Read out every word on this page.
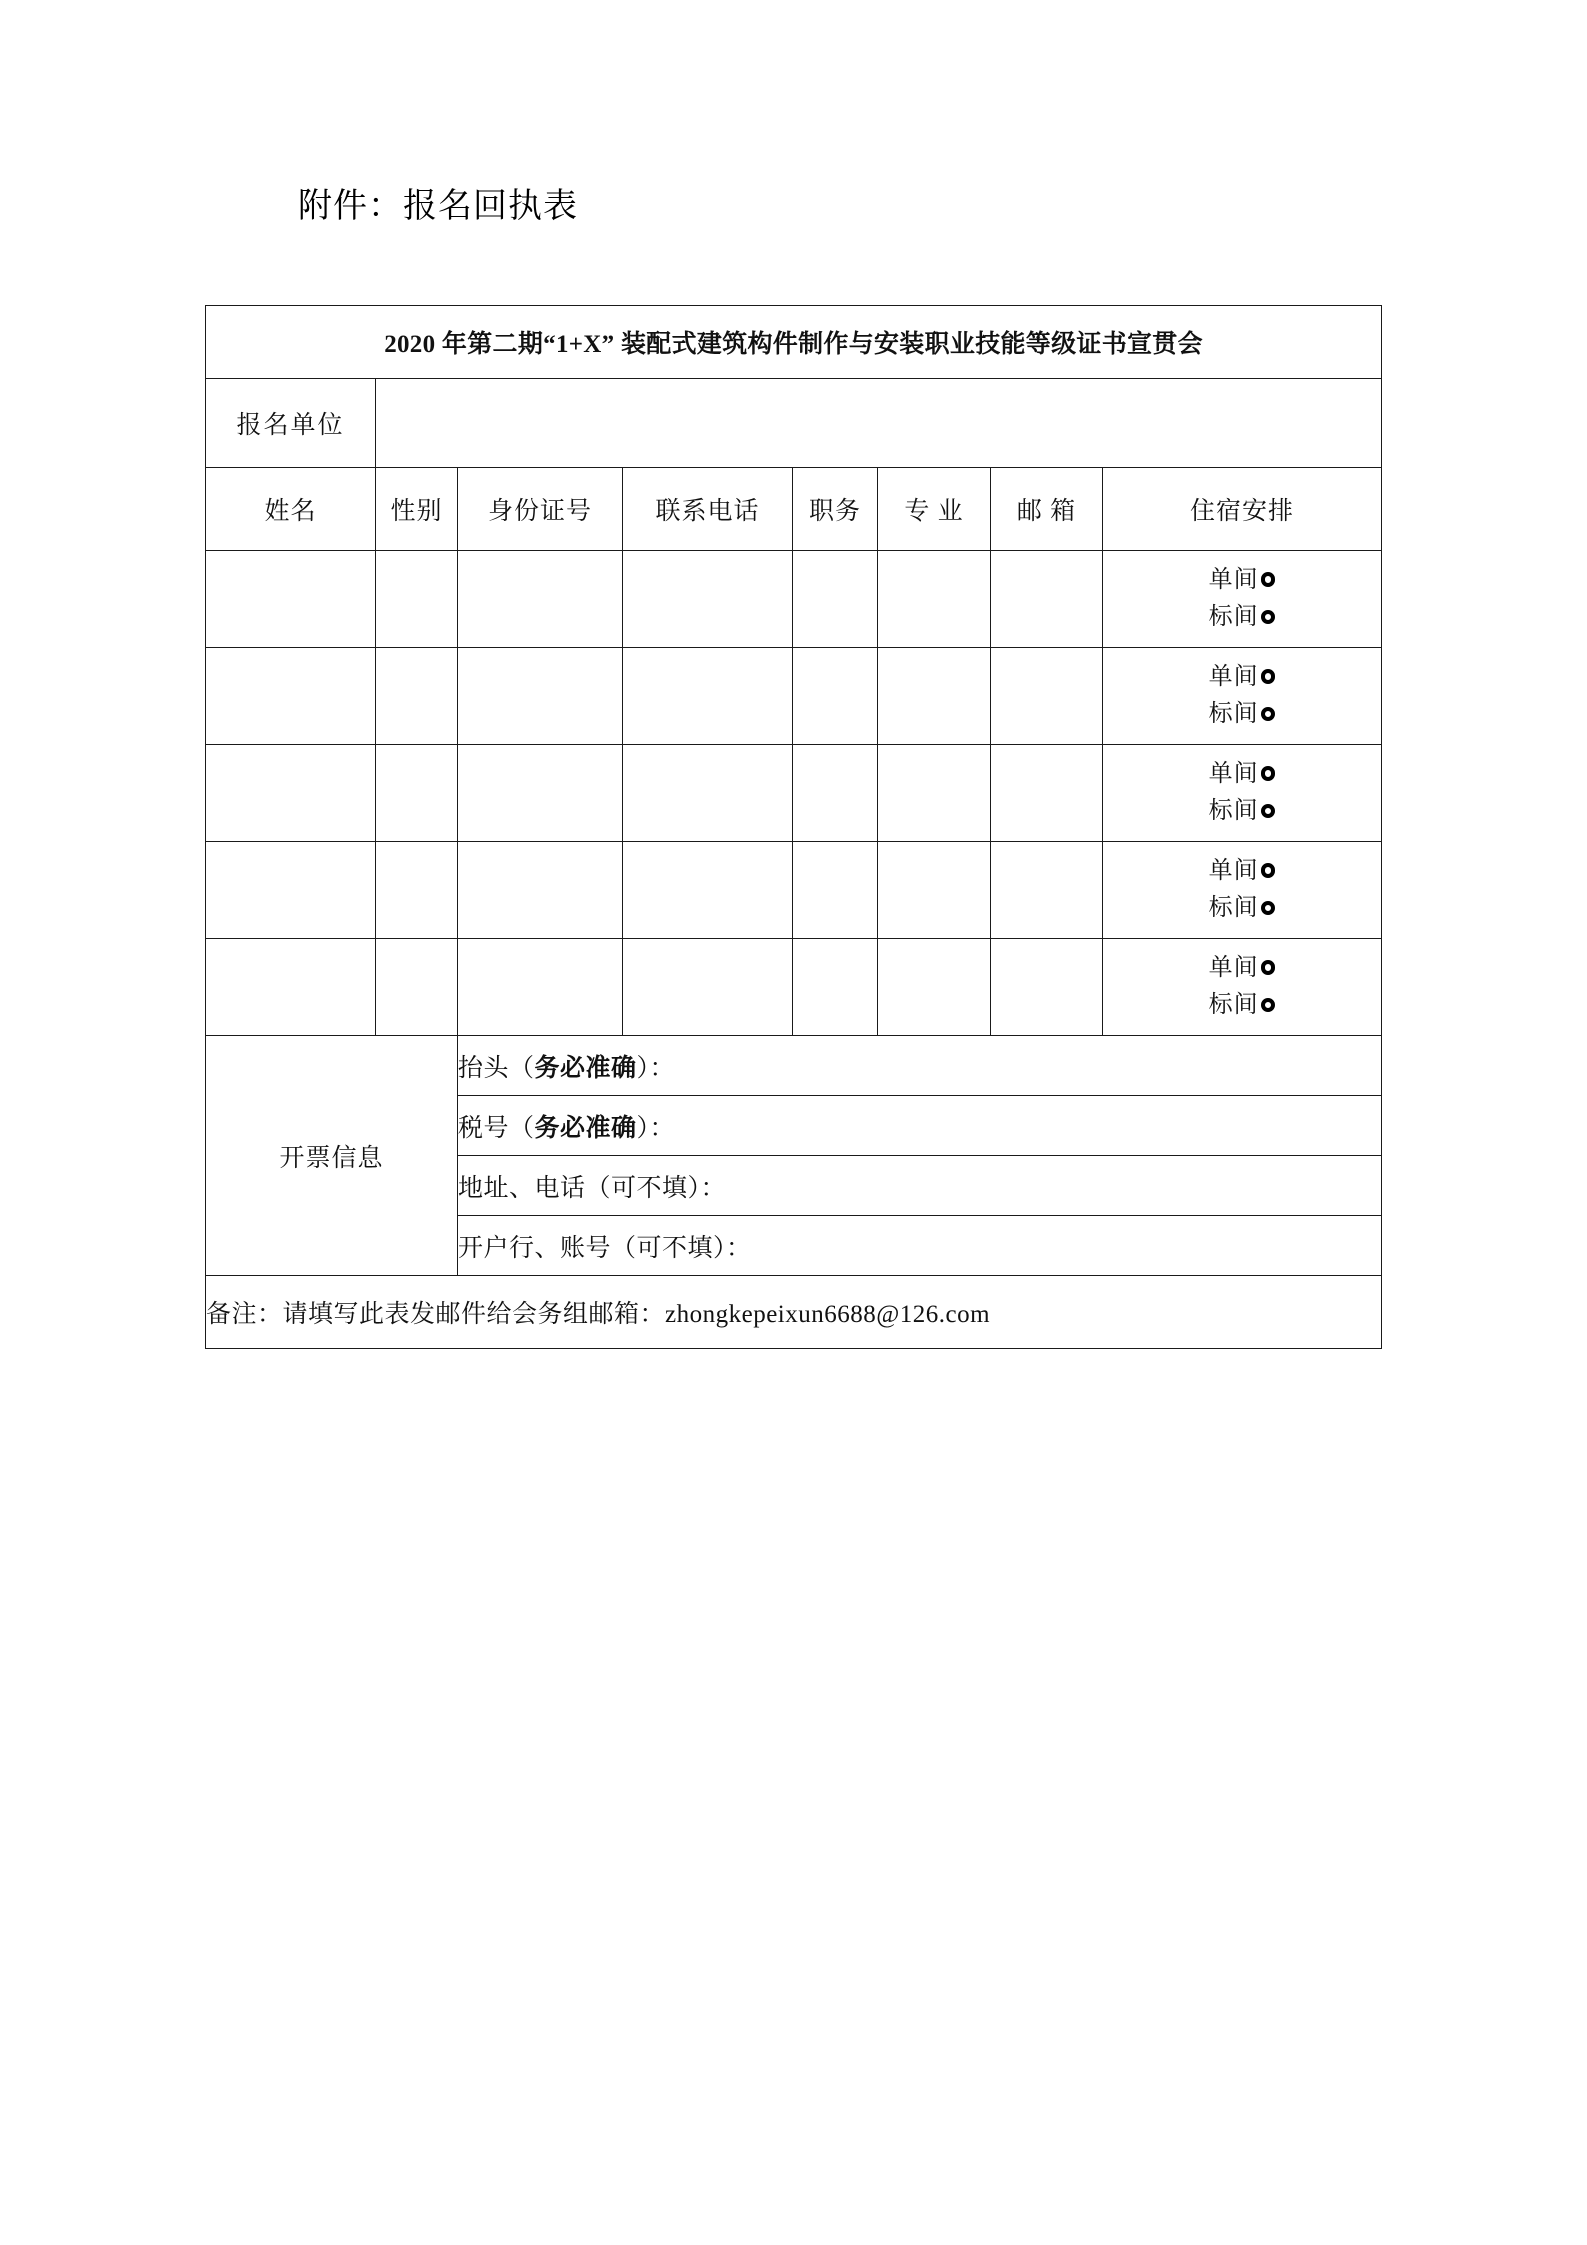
附件：报名回执表
2020 年第二期“1+X” 装配式建筑构件制作与安装职业技能等级证书宣贯会							
报名单位							
姓名	性别	身份证号	联系电话	职务	专 业	邮 箱	住宿安排

							单间
标间

							单间
标间

							单间
标间

							单间
标间

							单间
标间

开票信息		抬头（务必准确）：					
		税号（务必准确）：					
		地址、电话（可不填）：					
		开户行、账号（可不填）：					
备注：请填写此表发邮件给会务组邮箱：zhongkepeixun6688@126.com							
